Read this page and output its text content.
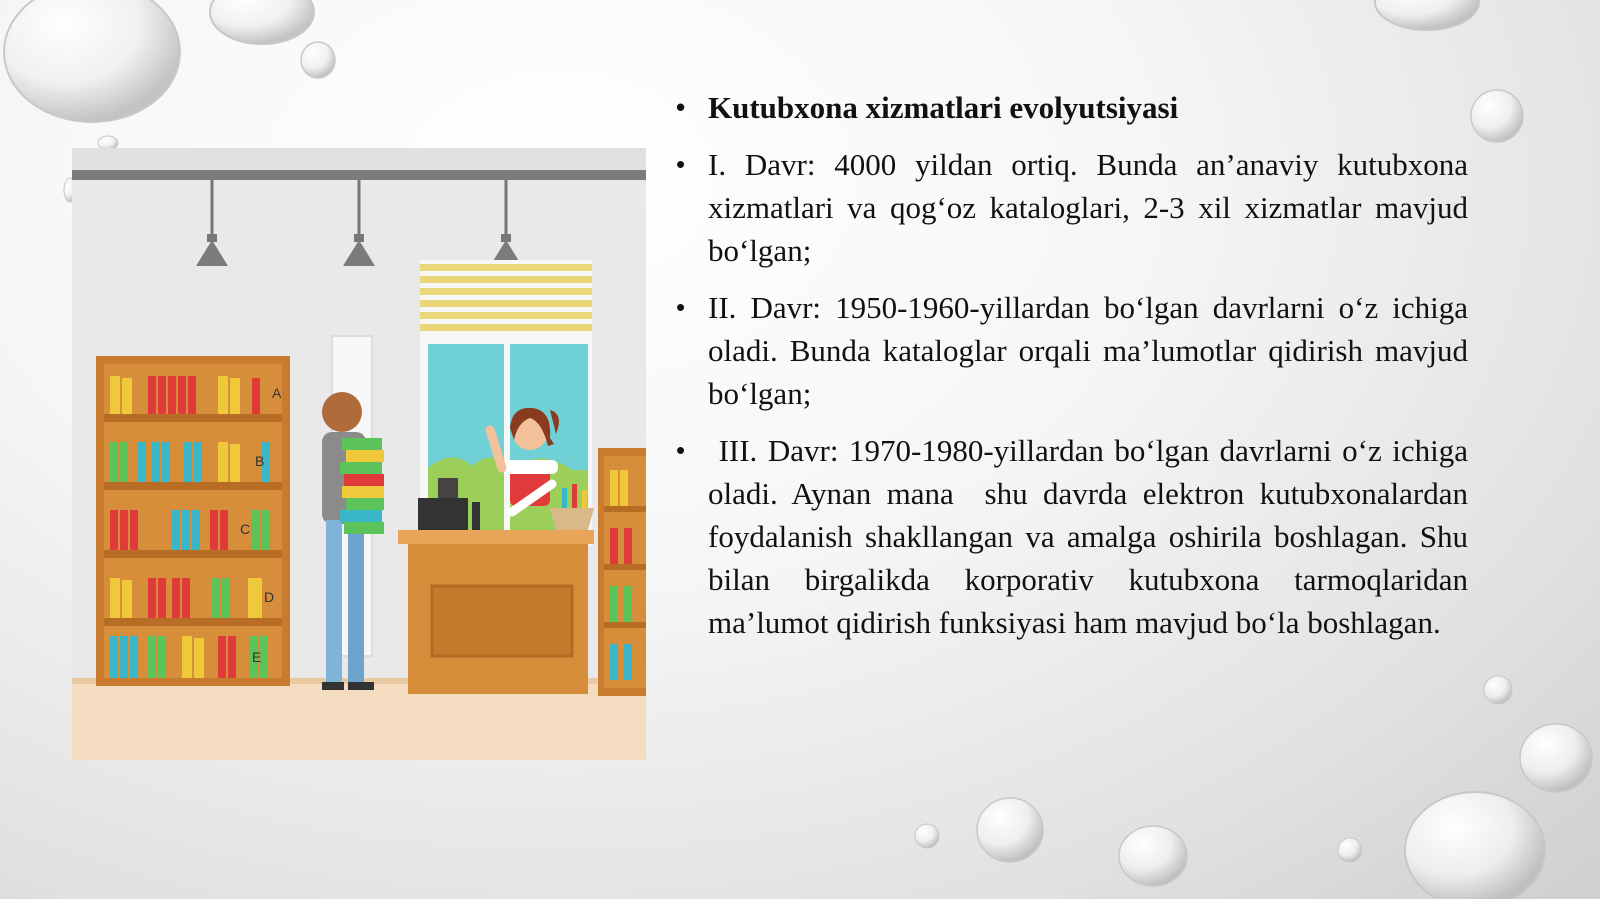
A
B
C
D
E
• Kutubxona xizmatlari evolyutsiyasi
• I. Davr: 4000 yildan ortiq. Bunda an’anaviy kutubxona xizmatlari va qog‘oz kataloglari, 2-3 xil xizmatlar mavjud bo‘lgan;
• II. Davr: 1950-1960-yillardan bo‘lgan davrlarni o‘z ichiga oladi. Bunda kataloglar orqali ma’lumotlar qidirish mavjud bo‘lgan;
• III. Davr: 1970-1980-yillardan bo‘lgan davrlarni o‘z ichiga oladi. Aynan mana  shu davrda elektron kutubxonalardan foydalanish shakllangan va amalga oshirila boshlagan. Shu bilan birgalikda korporativ kutubxona tarmoqlaridan ma’lumot qidirish funksiyasi ham mavjud bo‘la boshlagan.
